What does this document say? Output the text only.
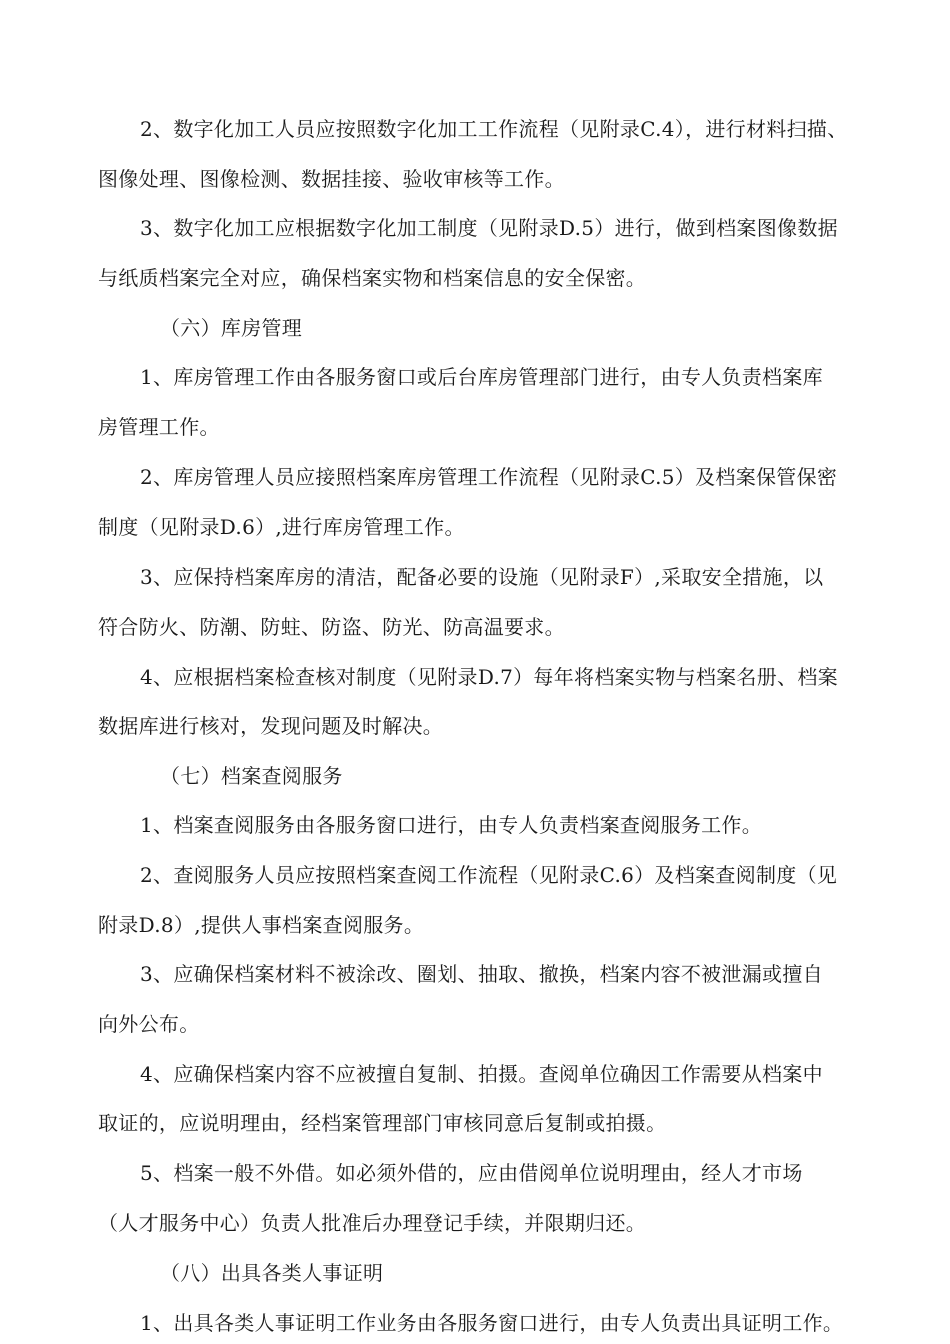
2、数字化加工人员应按照数字化加工工作流程（见附录C.4），进行材料扫描、
图像处理、图像检测、数据挂接、验收审核等工作。
3、数字化加工应根据数字化加工制度（见附录D.5）进行，做到档案图像数据
与纸质档案完全对应，确保档案实物和档案信息的安全保密。
（六）库房管理
1、库房管理工作由各服务窗口或后台库房管理部门进行，由专人负责档案库
房管理工作。
2、库房管理人员应接照档案库房管理工作流程（见附录C.5）及档案保管保密
制度（见附录D.6）,进行库房管理工作。
3、应保持档案库房的清洁，配备必要的设施（见附录F）,采取安全措施，以
符合防火、防潮、防蛀、防盗、防光、防高温要求。
4、应根据档案检查核对制度（见附录D.7）每年将档案实物与档案名册、档案
数据库进行核对，发现问题及时解决。
（七）档案查阅服务
1、档案查阅服务由各服务窗口进行，由专人负责档案查阅服务工作。
2、查阅服务人员应按照档案查阅工作流程（见附录C.6）及档案查阅制度（见
附录D.8）,提供人事档案查阅服务。
3、应确保档案材料不被涂改、圈划、抽取、撤换，档案内容不被泄漏或擅自
向外公布。
4、应确保档案内容不应被擅自复制、拍摄。查阅单位确因工作需要从档案中
取证的，应说明理由，经档案管理部门审核同意后复制或拍摄。
5、档案一般不外借。如必须外借的，应由借阅单位说明理由，经人才市场
（人才服务中心）负责人批准后办理登记手续，并限期归还。
（八）出具各类人事证明
1、出具各类人事证明工作业务由各服务窗口进行，由专人负责出具证明工作。
